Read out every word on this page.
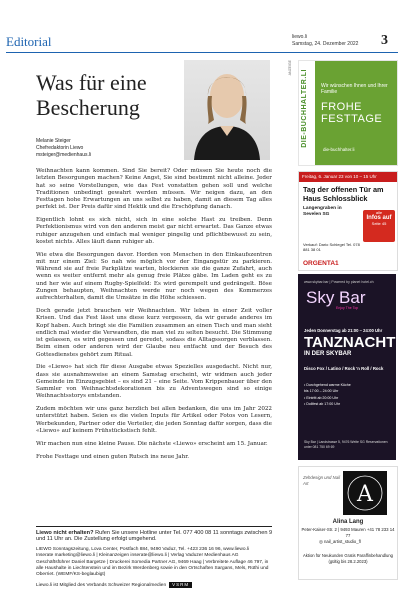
Editorial	liewo.li
Samstag, 24. Dezember 2022 3
Was für eine Bescherung
Melanie Steiger
Chefredaktorin Liewo
msteiger@medienhaus.li

Weihnachten kann kommen. Sind Sie bereit? Oder müssen Sie heute noch die letzten Besorgungen machen? Keine Angst, Sie sind bestimmt nicht alleine. Jeder hat so seine Vorstellungen, wie das Fest vonstatten gehen soll und welche Traditionen unbedingt gewahrt werden müssen. Wir neigen dazu, an den Festtagen hohe Erwartungen an uns selbst zu haben, damit an diesem Tag alles perfekt ist. Der Preis dafür sind Hektik und die Erschöpfung danach.

Eigentlich lohnt es sich nicht, sich in eine solche Hast zu treiben. Denn Perfektionismus wird von den anderen meist gar nicht erwartet. Das Ganze etwas ruhiger anzugehen und einfach mal weniger pingelig und pflichtbewusst zu sein, kostet nichts. Alles läuft dann ruhiger ab.

Wie etwa die Besorgungen davor. Horden von Menschen in den Einkaufszentren mit nur einem Ziel: So nah wie möglich vor der Eingangstür zu parkieren. Während sie auf freie Parkplätze warten, blockieren sie die ganze Zufahrt, auch wenn es weiter entfernt mehr als genug freie Plätze gäbe. Im Laden geht es zu und her wie auf einem Rugby-Spielfeld: Es wird gerempelt und gedrängelt. Böse Zungen behaupten, Weihnachten werde nur noch wegen des Kommerzes aufrechterhalten, damit die Umsätze in die Höhe schiessen.

Doch gerade jetzt brauchen wir Weihnachten. Wir leben in einer Zeit voller Krisen. Und das Fest lässt uns diese kurz vergessen, da wir gerade anderes im Kopf haben. Auch bringt sie die Familien zusammen an einen Tisch und man sieht endlich mal wieder die Verwandten, die man viel zu selten besucht. Die Stimmung ist gelassen, es wird gegessen und geredet, sodass die Alltagssorgen verblassen. Beim einen oder anderen wird der Glaube neu entfacht und der Besuch des Gottesdienstes gehört zum Ritual.

Die «Liewo» hat sich für diese Ausgabe etwas Spezielles ausgedacht. Nicht nur, dass sie ausnahmsweise an einem Samstag erscheint, wir widmen auch jeder Gemeinde im Einzugsgebiet – es sind 21 – eine Seite. Vom Krippenbauer über den Sammler von Weihnachtsdekorationen bis zu Adventswegen sind so einige Weihnachtsstorys entstanden.

Zudem möchten wir uns ganz herzlich bei allen bedanken, die uns im Jahr 2022 unterstützt haben. Seien es die vielen Inputs für Artikel oder Fotos von Lesern, Werbekunden, Partner oder die Verteiler, die jeden Sonntag dafür sorgen, dass die «Liewo» auf keinem Frühstückstisch fehlt.

Wir machen nun eine kleine Pause. Die nächste «Liewo» erscheint am 15. Januar.

Frohe Festtage und einen guten Rutsch ins neue Jahr.

Liewo nicht erhalten? Rufen Sie unsere Hotline unter Tel. 077 400 08 11 sonntags zwischen 9 und 11 Uhr an. Die Zustellung erfolgt umgehend.
LIEWO Sonntagszeitung, Lova Center, Postfach 884, 9490 Vaduz, Tel. +423 236 16 96, www.liewo.li
Inserate marketing@liewo.li | Kleinanzeigen inserate@liewo.li | Verlag Vaduzer Medienhaus AG
Geschäftsführer Daniel Bargetze | Druckerei Somedia Partner AG, 9469 Haag | Verbreitete Auflage 46 797, in alle Haushalte in Liechtenstein und im Bezirk Werdenberg sowie in den Ortschaften Sargans, Mels, Rüthi und Oberriet. (WEMF/KS-beglaubigt)
Liewo.li ist Mitglied des Verbands Schweizer Regionalmedien VSRM
ANZEIGE
DIE-BUCHHALTER.LI	Wir wünschen Ihnen und Ihrer Familie
FROHE FESTTAGE
die-buchhalter.li
Freitag, 6. Januar 23 von 10 – 15 Uhr
Tag der offenen Tür am Haus Schlossblick
Langengraben in Sevelen SG	alle
Infos auf
Seite 45
Verkauf: Dario Schlegel Tel. 078 881 38 01
ORGENTA1
www.skybar.bar | Powered by planet hotel.ch
Sky Bar
Enjoy The Top
Jeden Donnerstag ab 21:00 – 24:00 Uhr
TANZNACHT
IN DER SKYBAR
Disco Fox / Latino / Rock 'n Roll / Rock
• Durchgehend warme Küche
bis 17:00 – 24:00 Uhr
• Eintritt ab 20:00 Uhr
• Dollfest ab 17:00 Uhr
Sky Bar | Landstrasse 5, 9476 Weite SG Reservationen unter 081 750 69 69
Zehdesign und Nail Art	A
Alina Lang
Peter-Kaiser-Str. 2 | 9493 Mauren +41 78 233 14 77
◎ nail_artist_studio_fl
Aktion für Neukunden Gratis Paraffinbehandlung (gültig bis 28.2.2023)
